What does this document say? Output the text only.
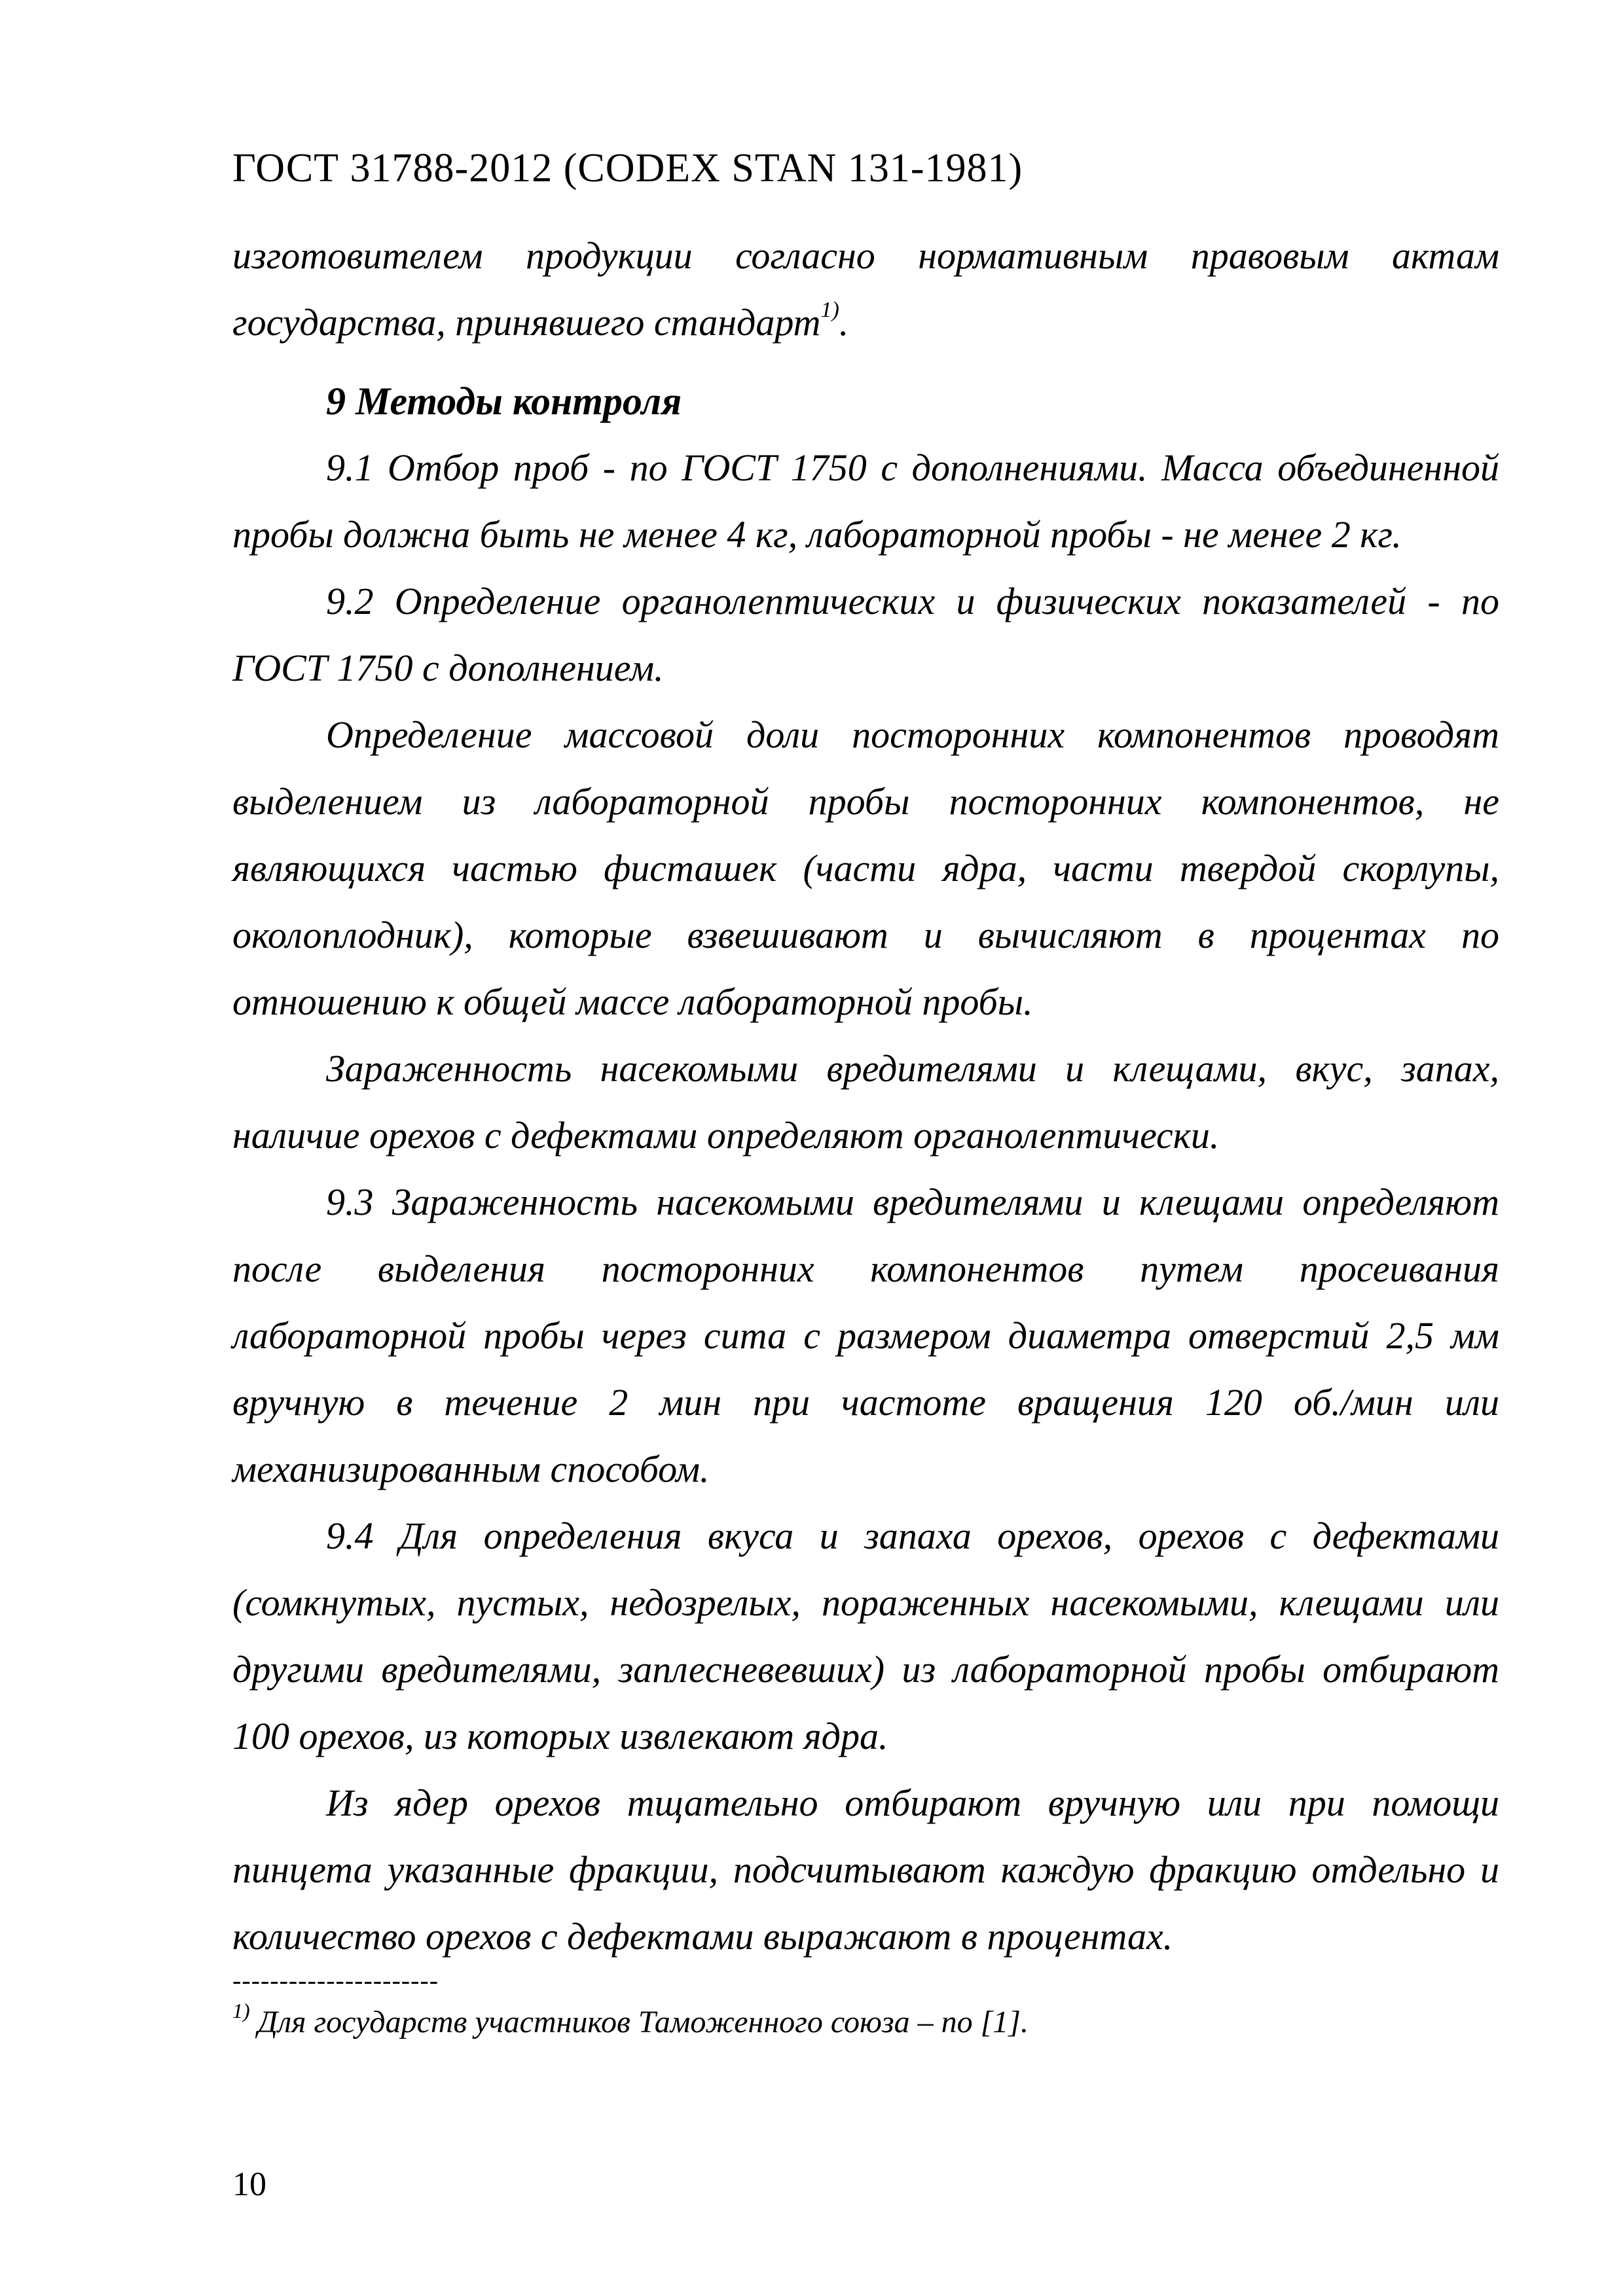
ГОСТ 31788-2012 (CODEX STAN 131-1981)

изготовителем продукции согласно нормативным правовым актам государства, принявшего стандарт$^{1)}$.

9 Методы контроля

9.1 Отбор проб - по ГОСТ 1750 с дополнениями. Масса объединенной пробы должна быть не менее 4 кг, лабораторной пробы - не менее 2 кг.

9.2 Определение органолептических и физических показателей - по ГОСТ 1750 с дополнением.

Определение массовой доли посторонних компонентов проводят выделением из лабораторной пробы посторонних компонентов, не являющихся частью фисташек (части ядра, части твердой скорлупы, околоплодник), которые взвешивают и вычисляют в процентах по отношению к общей массе лабораторной пробы.

Зараженность насекомыми вредителями и клещами, вкус, запах, наличие орехов с дефектами определяют органолептически.

9.3 Зараженность насекомыми вредителями и клещами определяют после выделения посторонних компонентов путем просеивания лабораторной пробы через сита с размером диаметра отверстий 2,5 мм вручную в течение 2 мин при частоте вращения 120 об./мин или механизированным способом.

9.4 Для определения вкуса и запаха орехов, орехов с дефектами (сомкнутых, пустых, недозрелых, пораженных насекомыми, клещами или другими вредителями, заплесневевших) из лабораторной пробы отбирают 100 орехов, из которых извлекают ядра.

Из ядер орехов тщательно отбирают вручную или при помощи пинцета указанные фракции, подсчитывают каждую фракцию отдельно и количество орехов с дефектами выражают в процентах.

----------------------
$^{1)}$ Для государств участников Таможенного союза – по [1].
10
